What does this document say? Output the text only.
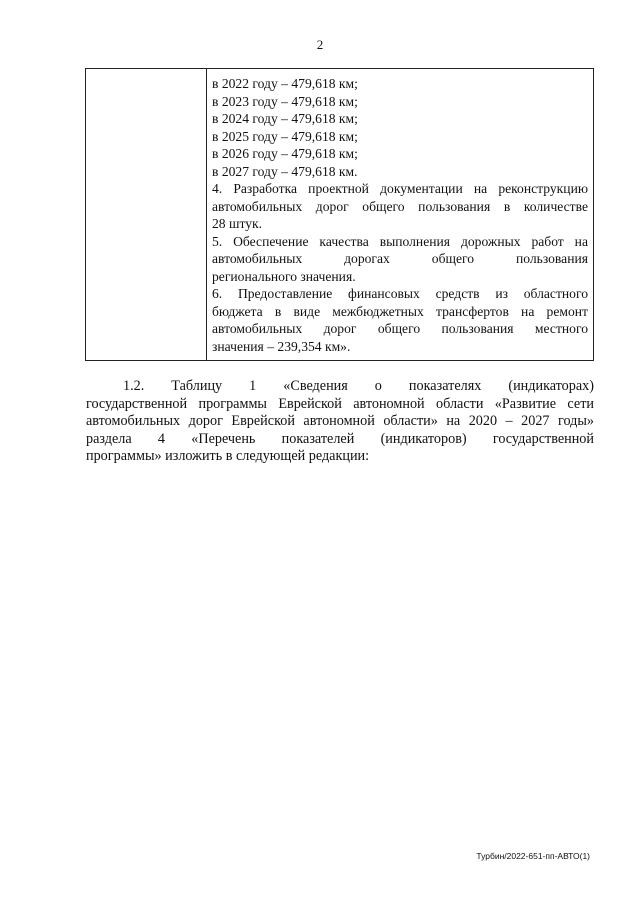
2
в 2022 году – 479,618 км;
в 2023 году – 479,618 км;
в 2024 году – 479,618 км;
в 2025 году – 479,618 км;
в 2026 году – 479,618 км;
в 2027 году – 479,618 км.
4. Разработка проектной документации на реконструкцию
автомобильных дорог общего пользования в количестве
28 штук.
5. Обеспечение качества выполнения дорожных работ на
автомобильных дорогах общего пользования
регионального значения.
6. Предоставление финансовых средств из областного
бюджета в виде межбюджетных трансфертов на ремонт
автомобильных дорог общего пользования местного
значения – 239,354 км».
1.2. Таблицу 1 «Сведения о показателях (индикаторах)
государственной программы Еврейской автономной области «Развитие сети
автомобильных дорог Еврейской автономной области» на 2020 – 2027 годы»
раздела 4 «Перечень показателей (индикаторов) государственной
программы» изложить в следующей редакции:
Турбин/2022-651-пп-АВТО(1)
